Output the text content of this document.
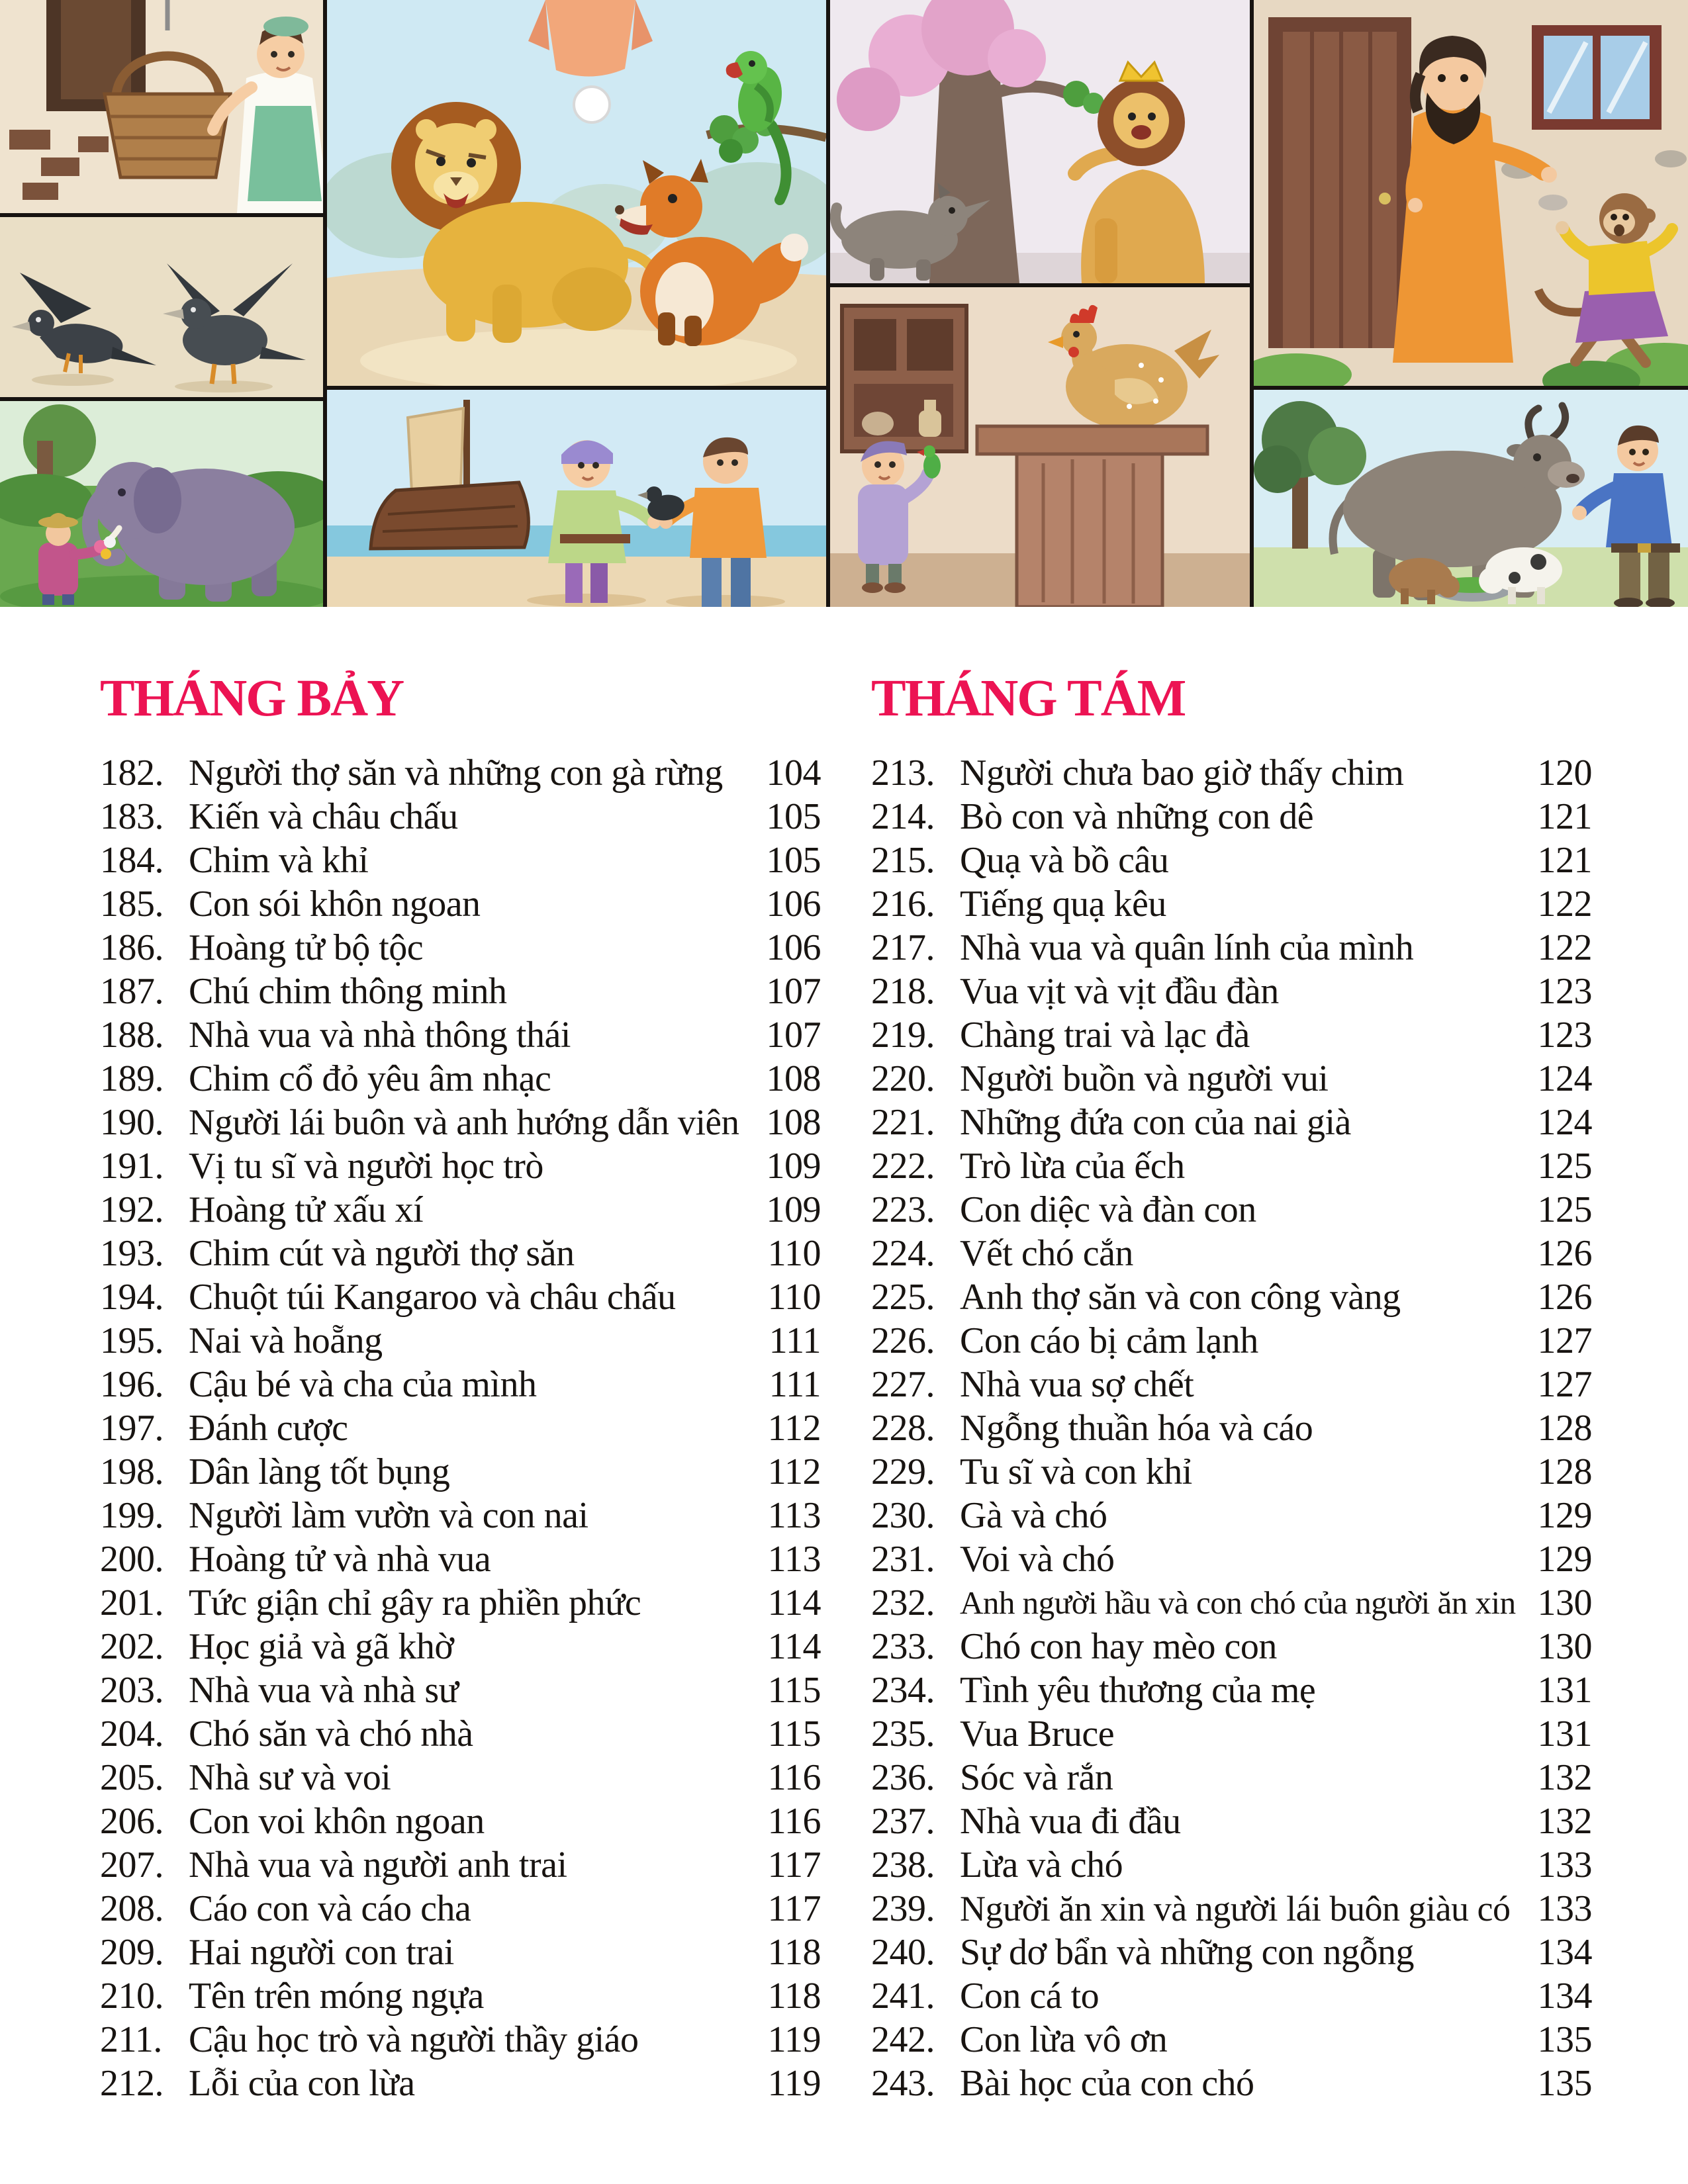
THÁNG BẢY
182. Người thợ săn và những con gà rừng	104
183. Kiến và châu chấu	105
184. Chim và khỉ	105
185. Con sói khôn ngoan	106
186. Hoàng tử bộ tộc	106
187. Chú chim thông minh	107
188. Nhà vua và nhà thông thái	107
189. Chim cổ đỏ yêu âm nhạc	108
190. Người lái buôn và anh hướng dẫn viên 108
191. Vị tu sĩ và người học trò	109
192. Hoàng tử xấu xí	109
193. Chim cút và người thợ săn	110
194. Chuột túi Kangaroo và châu chấu	110
195. Nai và hoẵng	111
196. Cậu bé và cha của mình	111
197. Đánh cược	112
198. Dân làng tốt bụng	112
199. Người làm vườn và con nai	113
200. Hoàng tử và nhà vua	113
201. Tức giận chỉ gây ra phiền phức	114
202. Học giả và gã khờ	114
203. Nhà vua và nhà sư	115
204. Chó săn và chó nhà	115
205. Nhà sư và voi	116
206. Con voi khôn ngoan	116
207. Nhà vua và người anh trai	117
208. Cáo con và cáo cha	117
209. Hai người con trai	118
210. Tên trên móng ngựa	118
211. Cậu học trò và người thầy giáo	119
212. Lỗi của con lừa	119
THÁNG TÁM
213. Người chưa bao giờ thấy chim	120
214. Bò con và những con dê	121
215. Quạ và bồ câu	121
216. Tiếng quạ kêu	122
217. Nhà vua và quân lính của mình	122
218. Vua vịt và vịt đầu đàn	123
219. Chàng trai và lạc đà	123
220. Người buồn và người vui	124
221. Những đứa con của nai già	124
222. Trò lừa của ếch	125
223. Con diệc và đàn con	125
224. Vết chó cắn	126
225. Anh thợ săn và con công vàng	126
226. Con cáo bị cảm lạnh	127
227. Nhà vua sợ chết	127
228. Ngỗng thuần hóa và cáo	128
229. Tu sĩ và con khỉ	128
230. Gà và chó	129
231. Voi và chó	129
232. Anh người hầu và con chó của người ăn xin 130
233. Chó con hay mèo con	130
234. Tình yêu thương của mẹ	131
235. Vua Bruce	131
236. Sóc và rắn	132
237. Nhà vua đi đầu	132
238. Lừa và chó	133
239. Người ăn xin và người lái buôn giàu có 133
240. Sự dơ bẩn và những con ngỗng	134
241. Con cá to	134
242. Con lừa vô ơn	135
243. Bài học của con chó	135
